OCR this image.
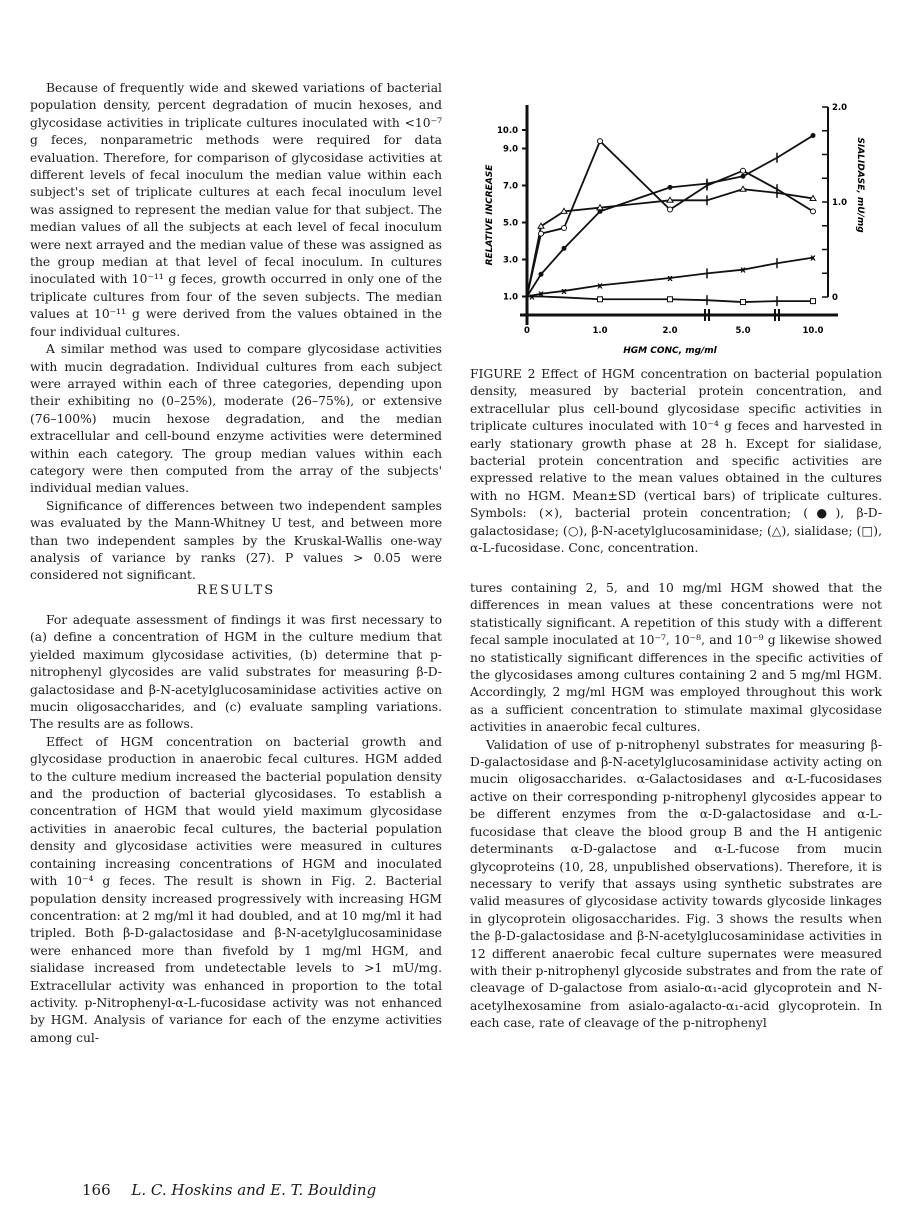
Because of frequently wide and skewed variations of bacterial population density, percent degradation of mucin hexoses, and glycosidase activities in triplicate cultures inoculated with <10⁻⁷ g feces, nonparametric methods were required for data evaluation. Therefore, for comparison of glycosidase activities at different levels of fecal inoculum the median value within each subject's set of triplicate cultures at each fecal inoculum level was assigned to represent the median value for that subject. The median values of all the subjects at each level of fecal inoculum were next arrayed and the median value of these was assigned as the group median at that level of fecal inoculum. In cultures inoculated with 10⁻¹¹ g feces, growth occurred in only one of the triplicate cultures from four of the seven subjects. The median values at 10⁻¹¹ g were derived from the values obtained in the four individual cultures.

A similar method was used to compare glycosidase activities with mucin degradation. Individual cultures from each subject were arrayed within each of three categories, depending upon their exhibiting no (0–25%), moderate (26–75%), or extensive (76–100%) mucin hexose degradation, and the median extracellular and cell-bound enzyme activities were determined within each category. The group median values within each category were then computed from the array of the subjects' individual median values.

Significance of differences between two independent samples was evaluated by the Mann-Whitney U test, and between more than two independent samples by the Kruskal-Wallis one-way analysis of variance by ranks (27). P values > 0.05 were considered not significant.

1.0
3.0
5.0
7.0
9.0
10.0
0
1.0
2.0
0	1.0	2.0	5.0	10.0
HGM CONC, mg/ml
RELATIVE INCREASE	SIALIDASE, mU/mg
x x x
x
x
x
x
FIGURE 2 Effect of HGM concentration on bacterial population density, measured by bacterial protein concentration, and extracellular plus cell-bound glycosidase specific activities in triplicate cultures inoculated with 10⁻⁴ g feces and harvested in early stationary growth phase at 28 h. Except for sialidase, bacterial protein concentration and specific activities are expressed relative to the mean values obtained in the cultures with no HGM. Mean±SD (vertical bars) of triplicate cultures. Symbols: (×), bacterial protein concentration; (●), β-D-galactosidase; (○), β-N-acetylglucosaminidase; (△), sialidase; (□), α-L-fucosidase. Conc, concentration.
RESULTS

For adequate assessment of findings it was first necessary to (a) define a concentration of HGM in the culture medium that yielded maximum glycosidase activities, (b) determine that p-nitrophenyl glycosides are valid substrates for measuring β-D-galactosidase and β-N-acetylglucosaminidase activities active on mucin oligosaccharides, and (c) evaluate sampling variations. The results are as follows.

Effect of HGM concentration on bacterial growth and glycosidase production in anaerobic fecal cultures. HGM added to the culture medium increased the bacterial population density and the production of bacterial glycosidases. To establish a concentration of HGM that would yield maximum glycosidase activities in anaerobic fecal cultures, the bacterial population density and glycosidase activities were measured in cultures containing increasing concentrations of HGM and inoculated with 10⁻⁴ g feces. The result is shown in Fig. 2. Bacterial population density increased progressively with increasing HGM concentration: at 2 mg/ml it had doubled, and at 10 mg/ml it had tripled. Both β-D-galactosidase and β-N-acetylglucosaminidase were enhanced more than fivefold by 1 mg/ml HGM, and sialidase increased from undetectable levels to >1 mU/mg. Extracellular activity was enhanced in proportion to the total activity. p-Nitrophenyl-α-L-fucosidase activity was not enhanced by HGM. Analysis of variance for each of the enzyme activities among cul-

tures containing 2, 5, and 10 mg/ml HGM showed that the differences in mean values at these concentrations were not statistically significant. A repetition of this study with a different fecal sample inoculated at 10⁻⁷, 10⁻⁸, and 10⁻⁹ g likewise showed no statistically significant differences in the specific activities of the glycosidases among cultures containing 2 and 5 mg/ml HGM. Accordingly, 2 mg/ml HGM was employed throughout this work as a sufficient concentration to stimulate maximal glycosidase activities in anaerobic fecal cultures.

Validation of use of p-nitrophenyl substrates for measuring β-D-galactosidase and β-N-acetylglucosaminidase activity acting on mucin oligosaccharides. α-Galactosidases and α-L-fucosidases active on their corresponding p-nitrophenyl glycosides appear to be different enzymes from the α-D-galactosidase and α-L-fucosidase that cleave the blood group B and the H antigenic determinants α-D-galactose and α-L-fucose from mucin glycoproteins (10, 28, unpublished observations). Therefore, it is necessary to verify that assays using synthetic substrates are valid measures of glycosidase activity towards glycoside linkages in glycoprotein oligosaccharides. Fig. 3 shows the results when the β-D-galactosidase and β-N-acetylglucosaminidase activities in 12 different anaerobic fecal culture supernates were measured with their p-nitrophenyl glycoside substrates and from the rate of cleavage of D-galactose from asialo-α₁-acid glycoprotein and N-acetylhexosamine from asialo-agalacto-α₁-acid glycoprotein. In each case, rate of cleavage of the p-nitrophenyl

166 L. C. Hoskins and E. T. Boulding
